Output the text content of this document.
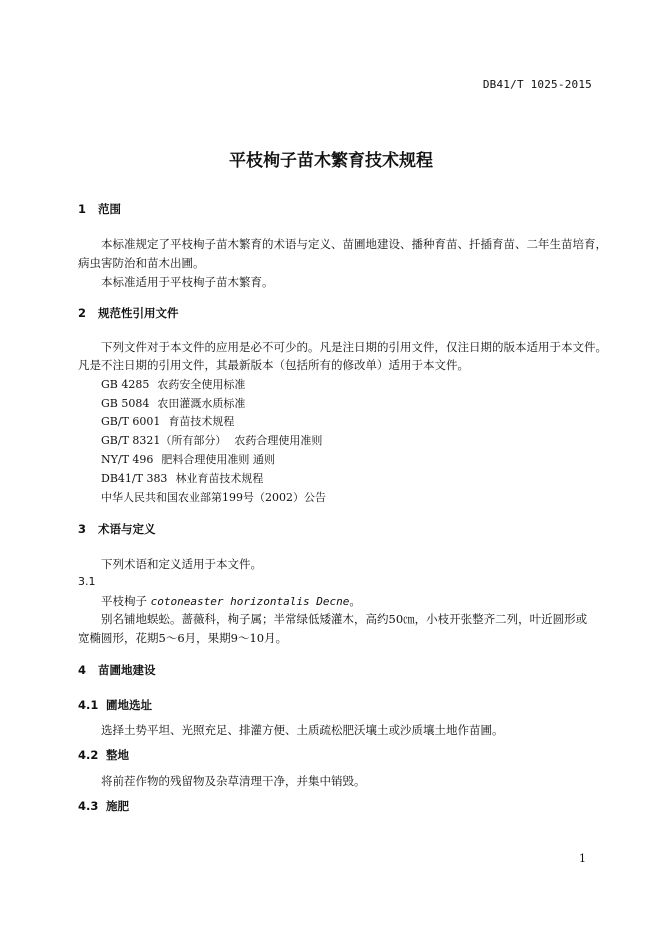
DB41/T 1025-2015
平枝栒子苗木繁育技术规程
1 范围
本标准规定了平枝栒子苗木繁育的术语与定义、苗圃地建设、播种育苗、扦插育苗、二年生苗培育，
病虫害防治和苗木出圃。
本标准适用于平枝栒子苗木繁育。
2 规范性引用文件
下列文件对于本文件的应用是必不可少的。凡是注日期的引用文件，仅注日期的版本适用于本文件。
凡是不注日期的引用文件，其最新版本（包括所有的修改单）适用于本文件。
GB 4285 农药安全使用标准
GB 5084 农田灌溉水质标准
GB/T 6001 育苗技术规程
GB/T 8321（所有部分） 农药合理使用准则
NY/T 496 肥料合理使用准则 通则
DB41/T 383 林业育苗技术规程
中华人民共和国农业部第199号（2002）公告
3 术语与定义
下列术语和定义适用于本文件。
3.1
平枝栒子 cotoneaster horizontalis Decne。
别名铺地蜈蚣。蔷薇科，栒子属；半常绿低矮灌木，高约50㎝，小枝开张整齐二列，叶近圆形或
宽椭圆形，花期5～6月，果期9～10月。
4 苗圃地建设
4.1 圃地选址
选择土势平坦、光照充足、排灌方便、土质疏松肥沃壤土或沙质壤土地作苗圃。
4.2 整地
将前茬作物的残留物及杂草清理干净，并集中销毁。
4.3 施肥
1
